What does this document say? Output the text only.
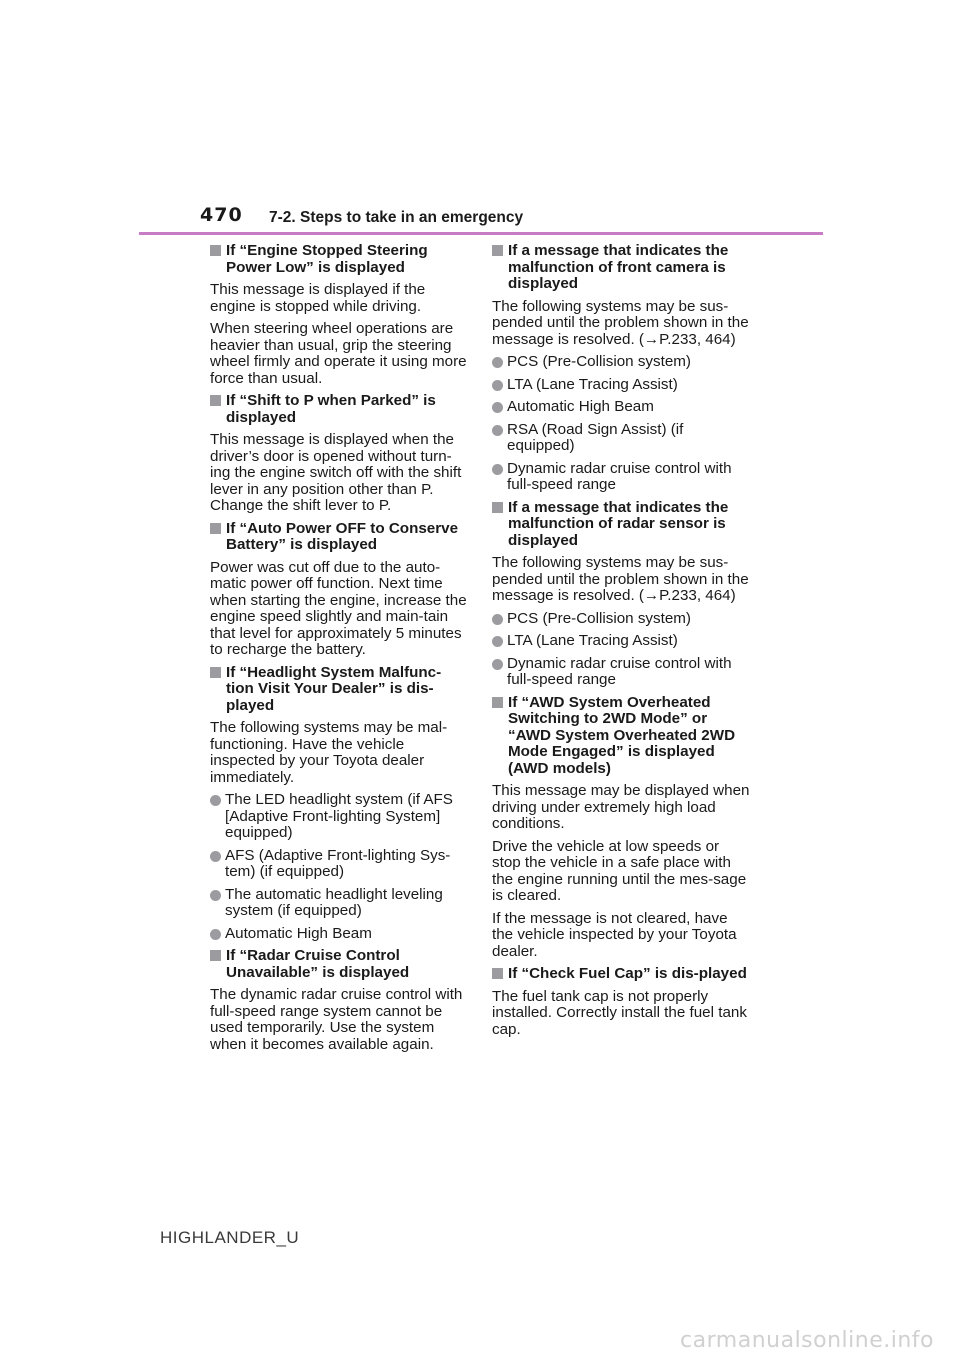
470 7-2. Steps to take in an emergency
If “Engine Stopped Steering Power Low” is displayed
This message is displayed if the engine is stopped while driving.
When steering wheel operations are heavier than usual, grip the steering wheel firmly and operate it using more force than usual.
If “Shift to P when Parked” is displayed
This message is displayed when the driver’s door is opened without turn-ing the engine switch off with the shift lever in any position other than P. Change the shift lever to P.
If “Auto Power OFF to Conserve Battery” is displayed
Power was cut off due to the auto-matic power off function. Next time when starting the engine, increase the engine speed slightly and main-tain that level for approximately 5 minutes to recharge the battery.
If “Headlight System Malfunc-tion Visit Your Dealer” is dis-played
The following systems may be mal-functioning. Have the vehicle inspected by your Toyota dealer immediately.
The LED headlight system (if AFS [Adaptive Front-lighting System] equipped)
AFS (Adaptive Front-lighting Sys-tem) (if equipped)
The automatic headlight leveling system (if equipped)
Automatic High Beam
If “Radar Cruise Control Unavailable” is displayed
The dynamic radar cruise control with full-speed range system cannot be used temporarily. Use the system when it becomes available again.
If a message that indicates the malfunction of front camera is displayed
The following systems may be sus-pended until the problem shown in the message is resolved. (→P.233, 464)
PCS (Pre-Collision system)
LTA (Lane Tracing Assist)
Automatic High Beam
RSA (Road Sign Assist) (if equipped)
Dynamic radar cruise control with full-speed range
If a message that indicates the malfunction of radar sensor is displayed
The following systems may be sus-pended until the problem shown in the message is resolved. (→P.233, 464)
PCS (Pre-Collision system)
LTA (Lane Tracing Assist)
Dynamic radar cruise control with full-speed range
If “AWD System Overheated Switching to 2WD Mode” or “AWD System Overheated 2WD Mode Engaged” is displayed (AWD models)
This message may be displayed when driving under extremely high load conditions.
Drive the vehicle at low speeds or stop the vehicle in a safe place with the engine running until the mes-sage is cleared.
If the message is not cleared, have the vehicle inspected by your Toyota dealer.
If “Check Fuel Cap” is dis-played
The fuel tank cap is not properly installed. Correctly install the fuel tank cap.
HIGHLANDER_U
carmanualsonline.info
